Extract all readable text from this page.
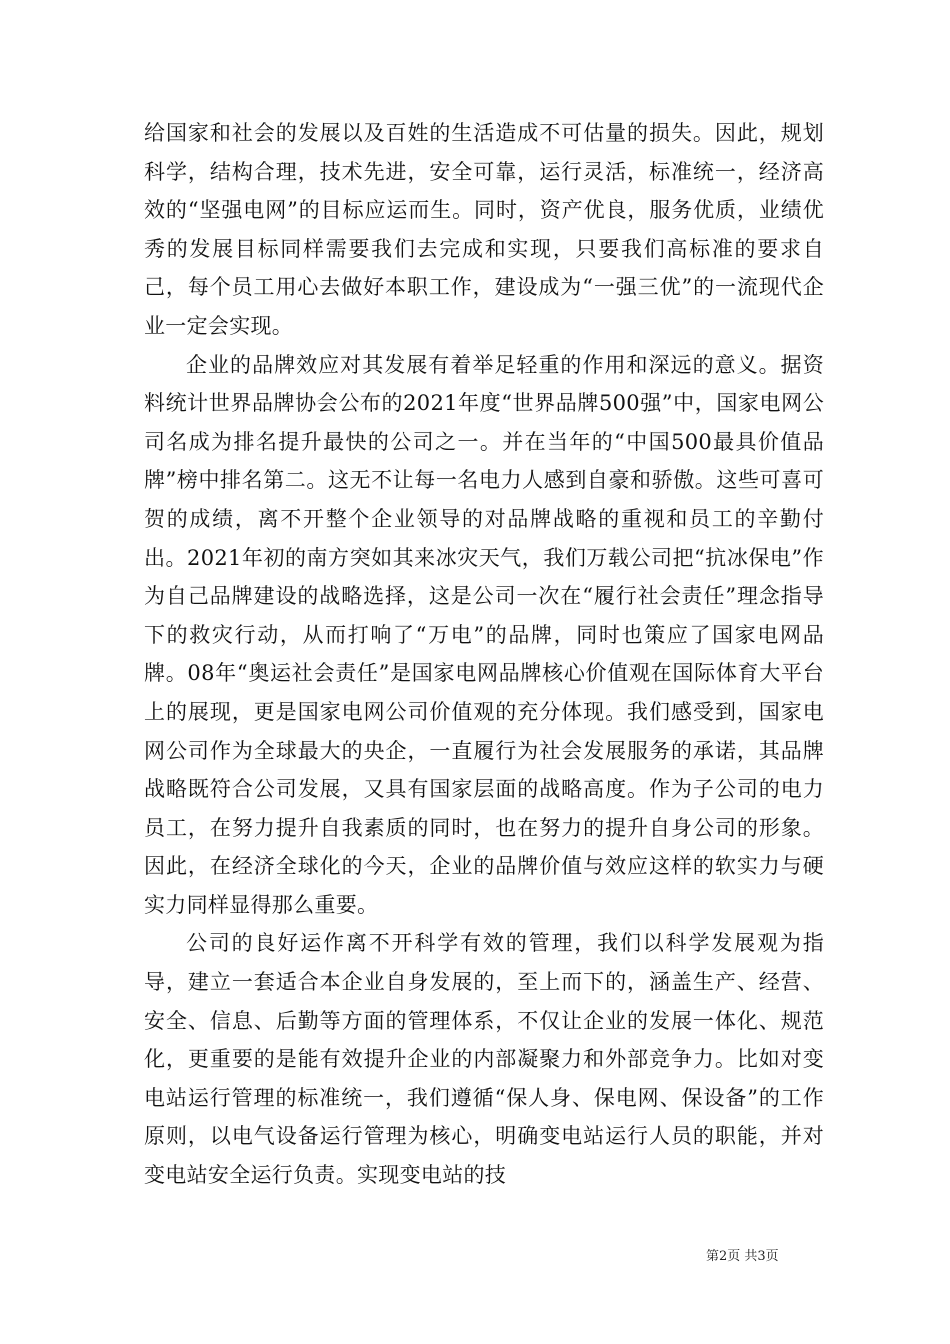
给国家和社会的发展以及百姓的生活造成不可估量的损失。因此，规划科学，结构合理，技术先进，安全可靠，运行灵活，标准统一，经济高效的“坚强电网”的目标应运而生。同时，资产优良，服务优质，业绩优秀的发展目标同样需要我们去完成和实现，只要我们高标准的要求自己，每个员工用心去做好本职工作，建设成为“一强三优”的一流现代企业一定会实现。

企业的品牌效应对其发展有着举足轻重的作用和深远的意义。据资料统计世界品牌协会公布的2021年度“世界品牌500强”中，国家电网公司名成为排名提升最快的公司之一。并在当年的“中国500最具价值品牌”榜中排名第二。这无不让每一名电力人感到自豪和骄傲。这些可喜可贺的成绩，离不开整个企业领导的对品牌战略的重视和员工的辛勤付出。2021年初的南方突如其来冰灾天气，我们万载公司把“抗冰保电”作为自己品牌建设的战略选择，这是公司一次在“履行社会责任”理念指导下的救灾行动，从而打响了“万电”的品牌，同时也策应了国家电网品牌。08年“奥运社会责任”是国家电网品牌核心价值观在国际体育大平台上的展现，更是国家电网公司价值观的充分体现。我们感受到，国家电网公司作为全球最大的央企，一直履行为社会发展服务的承诺，其品牌战略既符合公司发展，又具有国家层面的战略高度。作为子公司的电力员工，在努力提升自我素质的同时，也在努力的提升自身公司的形象。因此，在经济全球化的今天，企业的品牌价值与效应这样的软实力与硬实力同样显得那么重要。

公司的良好运作离不开科学有效的管理，我们以科学发展观为指导，建立一套适合本企业自身发展的，至上而下的，涵盖生产、经营、安全、信息、后勤等方面的管理体系，不仅让企业的发展一体化、规范化，更重要的是能有效提升企业的内部凝聚力和外部竞争力。比如对变电站运行管理的标准统一，我们遵循“保人身、保电网、保设备”的工作原则，以电气设备运行管理为核心，明确变电站运行人员的职能，并对变电站安全运行负责。实现变电站的技

第2页 共3页
